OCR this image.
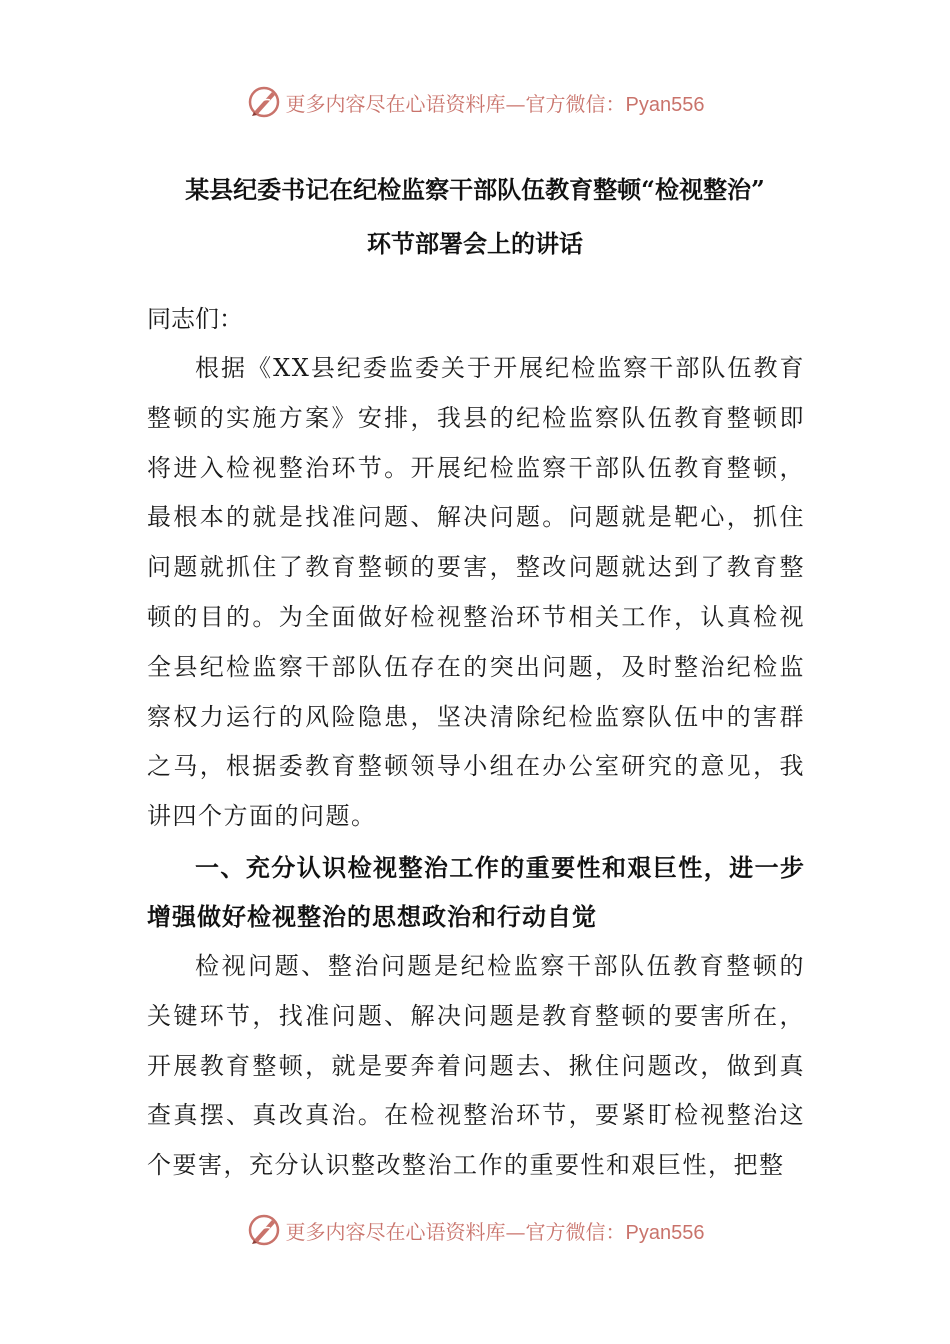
更多内容尽在心语资料库—官方微信：Pyan556
某县纪委书记在纪检监察干部队伍教育整顿“检视整治”
环节部署会上的讲话
同志们：
根据《XX县纪委监委关于开展纪检监察干部队伍教育整顿的实施方案》安排，我县的纪检监察队伍教育整顿即将进入检视整治环节。开展纪检监察干部队伍教育整顿，最根本的就是找准问题、解决问题。问题就是靶心，抓住问题就抓住了教育整顿的要害，整改问题就达到了教育整顿的目的。为全面做好检视整治环节相关工作，认真检视全县纪检监察干部队伍存在的突出问题，及时整治纪检监察权力运行的风险隐患，坚决清除纪检监察队伍中的害群之马，根据委教育整顿领导小组在办公室研究的意见，我讲四个方面的问题。
一、充分认识检视整治工作的重要性和艰巨性，进一步增强做好检视整治的思想政治和行动自觉
检视问题、整治问题是纪检监察干部队伍教育整顿的关键环节，找准问题、解决问题是教育整顿的要害所在，开展教育整顿，就是要奔着问题去、揪住问题改，做到真查真摆、真改真治。在检视整治环节，要紧盯检视整治这个要害，充分认识整改整治工作的重要性和艰巨性，把整
更多内容尽在心语资料库—官方微信：Pyan556
